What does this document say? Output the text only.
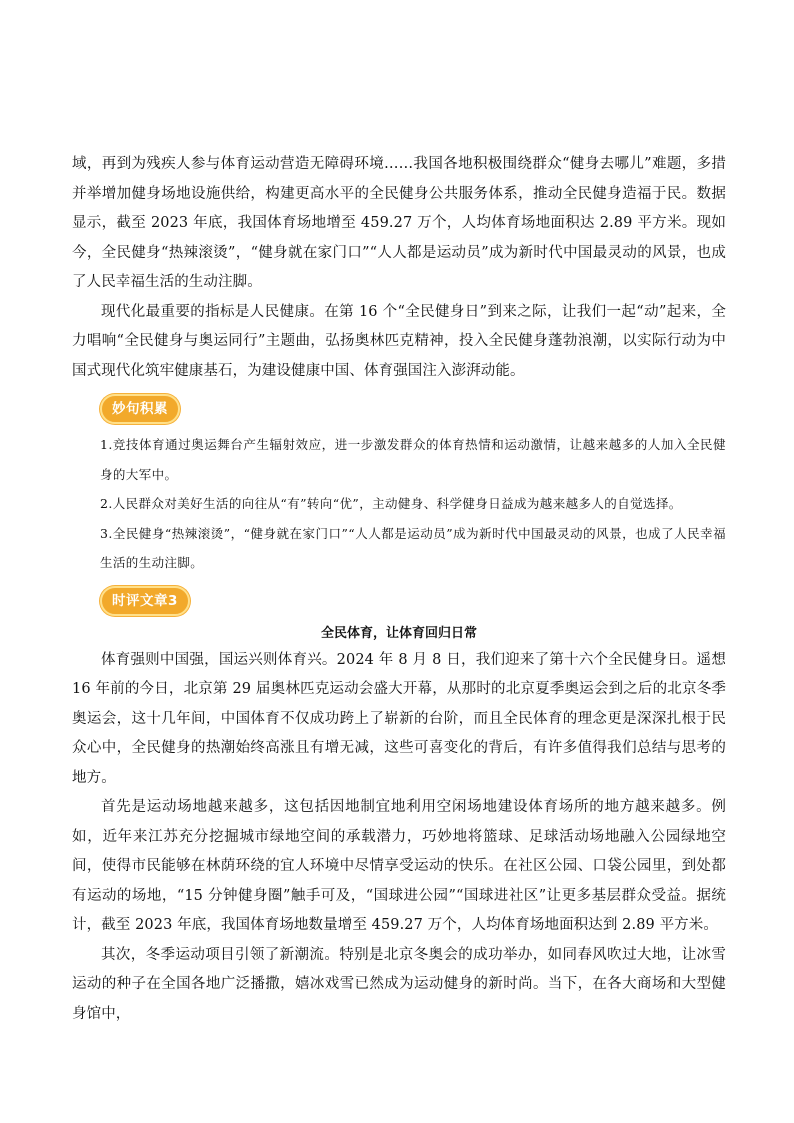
域，再到为残疾人参与体育运动营造无障碍环境……我国各地积极围绕群众“健身去哪儿”难题，多措并举增加健身场地设施供给，构建更高水平的全民健身公共服务体系，推动全民健身造福于民。数据显示，截至 2023 年底，我国体育场地增至 459.27 万个，人均体育场地面积达 2.89 平方米。现如今，全民健身“热辣滚烫”，“健身就在家门口”“人人都是运动员”成为新时代中国最灵动的风景，也成了人民幸福生活的生动注脚。

现代化最重要的指标是人民健康。在第 16 个“全民健身日”到来之际，让我们一起“动”起来，全力唱响“全民健身与奥运同行”主题曲，弘扬奥林匹克精神，投入全民健身蓬勃浪潮，以实际行动为中国式现代化筑牢健康基石，为建设健康中国、体育强国注入澎湃动能。

妙句积累

1.竞技体育通过奥运舞台产生辐射效应，进一步激发群众的体育热情和运动激情，让越来越多的人加入全民健身的大军中。

2.人民群众对美好生活的向往从“有”转向“优”，主动健身、科学健身日益成为越来越多人的自觉选择。

3.全民健身“热辣滚烫”，“健身就在家门口”“人人都是运动员”成为新时代中国最灵动的风景，也成了人民幸福生活的生动注脚。

时评文章3
全民体育，让体育回归日常

体育强则中国强，国运兴则体育兴。2024 年 8 月 8 日，我们迎来了第十六个全民健身日。遥想 16 年前的今日，北京第 29 届奥林匹克运动会盛大开幕，从那时的北京夏季奥运会到之后的北京冬季奥运会，这十几年间，中国体育不仅成功跨上了崭新的台阶，而且全民体育的理念更是深深扎根于民众心中，全民健身的热潮始终高涨且有增无减，这些可喜变化的背后，有许多值得我们总结与思考的地方。

首先是运动场地越来越多，这包括因地制宜地利用空闲场地建设体育场所的地方越来越多。例如，近年来江苏充分挖掘城市绿地空间的承载潜力，巧妙地将篮球、足球活动场地融入公园绿地空间，使得市民能够在林荫环绕的宜人环境中尽情享受运动的快乐。在社区公园、口袋公园里，到处都有运动的场地，“15 分钟健身圈”触手可及，“国球进公园”“国球进社区”让更多基层群众受益。据统计，截至 2023 年底，我国体育场地数量增至 459.27 万个，人均体育场地面积达到 2.89 平方米。

其次，冬季运动项目引领了新潮流。特别是北京冬奥会的成功举办，如同春风吹过大地，让冰雪运动的种子在全国各地广泛播撒，嬉冰戏雪已然成为运动健身的新时尚。当下，在各大商场和大型健身馆中，
